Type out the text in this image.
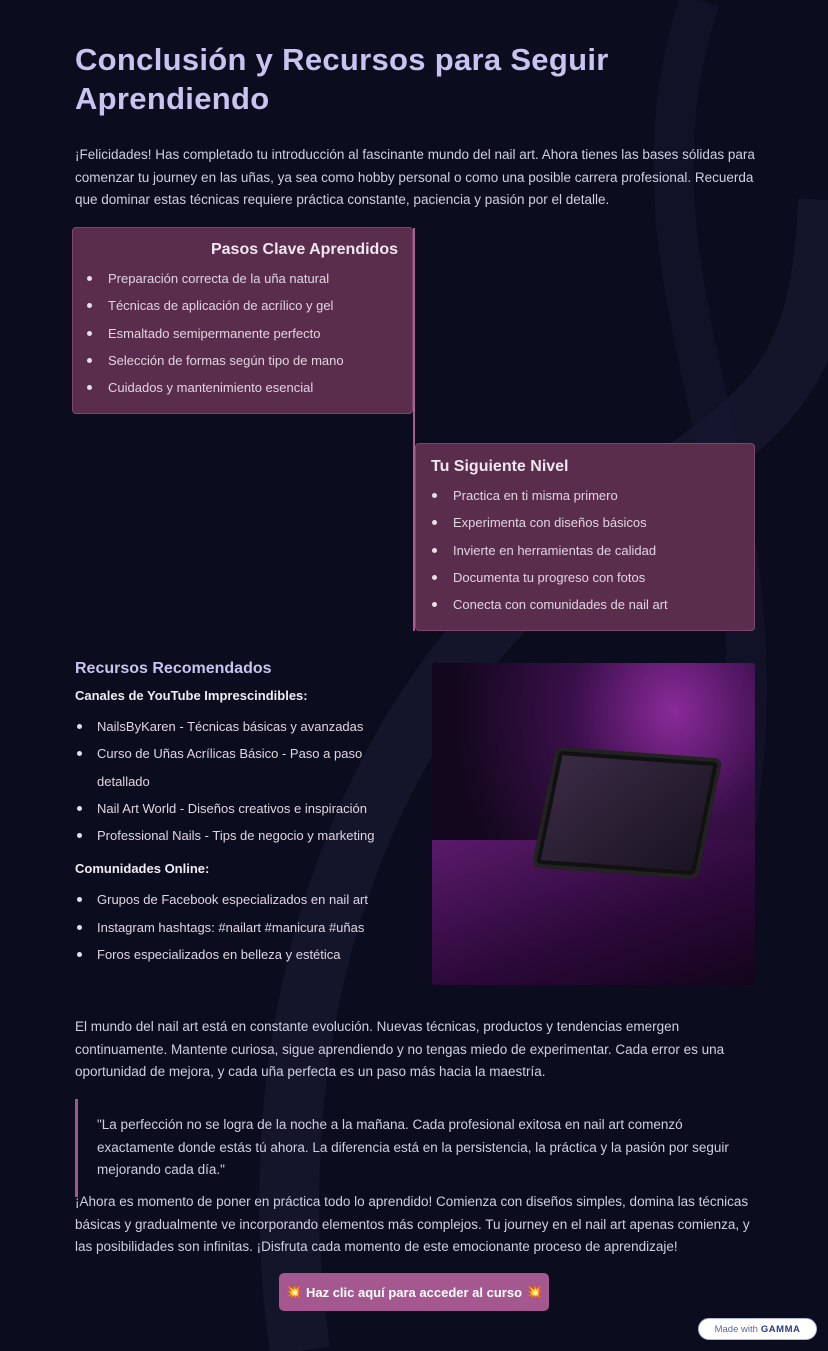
Conclusión y Recursos para Seguir Aprendiendo

¡Felicidades! Has completado tu introducción al fascinante mundo del nail art. Ahora tienes las bases sólidas para comenzar tu journey en las uñas, ya sea como hobby personal o como una posible carrera profesional. Recuerda que dominar estas técnicas requiere práctica constante, paciencia y pasión por el detalle.

Pasos Clave Aprendidos
Preparación correcta de la uña natural
Técnicas de aplicación de acrílico y gel
Esmaltado semipermanente perfecto
Selección de formas según tipo de mano
Cuidados y mantenimiento esencial
Tu Siguiente Nivel
Practica en ti misma primero
Experimenta con diseños básicos
Invierte en herramientas de calidad
Documenta tu progreso con fotos
Conecta con comunidades de nail art
Recursos Recomendados
Canales de YouTube Imprescindibles:
NailsByKaren - Técnicas básicas y avanzadas
Curso de Uñas Acrílicas Básico - Paso a paso detallado
Nail Art World - Diseños creativos e inspiración
Professional Nails - Tips de negocio y marketing
Comunidades Online:
Grupos de Facebook especializados en nail art
Instagram hashtags: #nailart #manicura #uñas
Foros especializados en belleza y estética

El mundo del nail art está en constante evolución. Nuevas técnicas, productos y tendencias emergen continuamente. Mantente curiosa, sigue aprendiendo y no tengas miedo de experimentar. Cada error es una oportunidad de mejora, y cada uña perfecta es un paso más hacia la maestría.

"La perfección no se logra de la noche a la mañana. Cada profesional exitosa en nail art comenzó exactamente donde estás tú ahora. La diferencia está en la persistencia, la práctica y la pasión por seguir mejorando cada día."

¡Ahora es momento de poner en práctica todo lo aprendido! Comienza con diseños simples, domina las técnicas básicas y gradualmente ve incorporando elementos más complejos. Tu journey en el nail art apenas comienza, y las posibilidades son infinitas. ¡Disfruta cada momento de este emocionante proceso de aprendizaje!

💥 Haz clic aquí para acceder al curso 💥
Made with GAMMA
